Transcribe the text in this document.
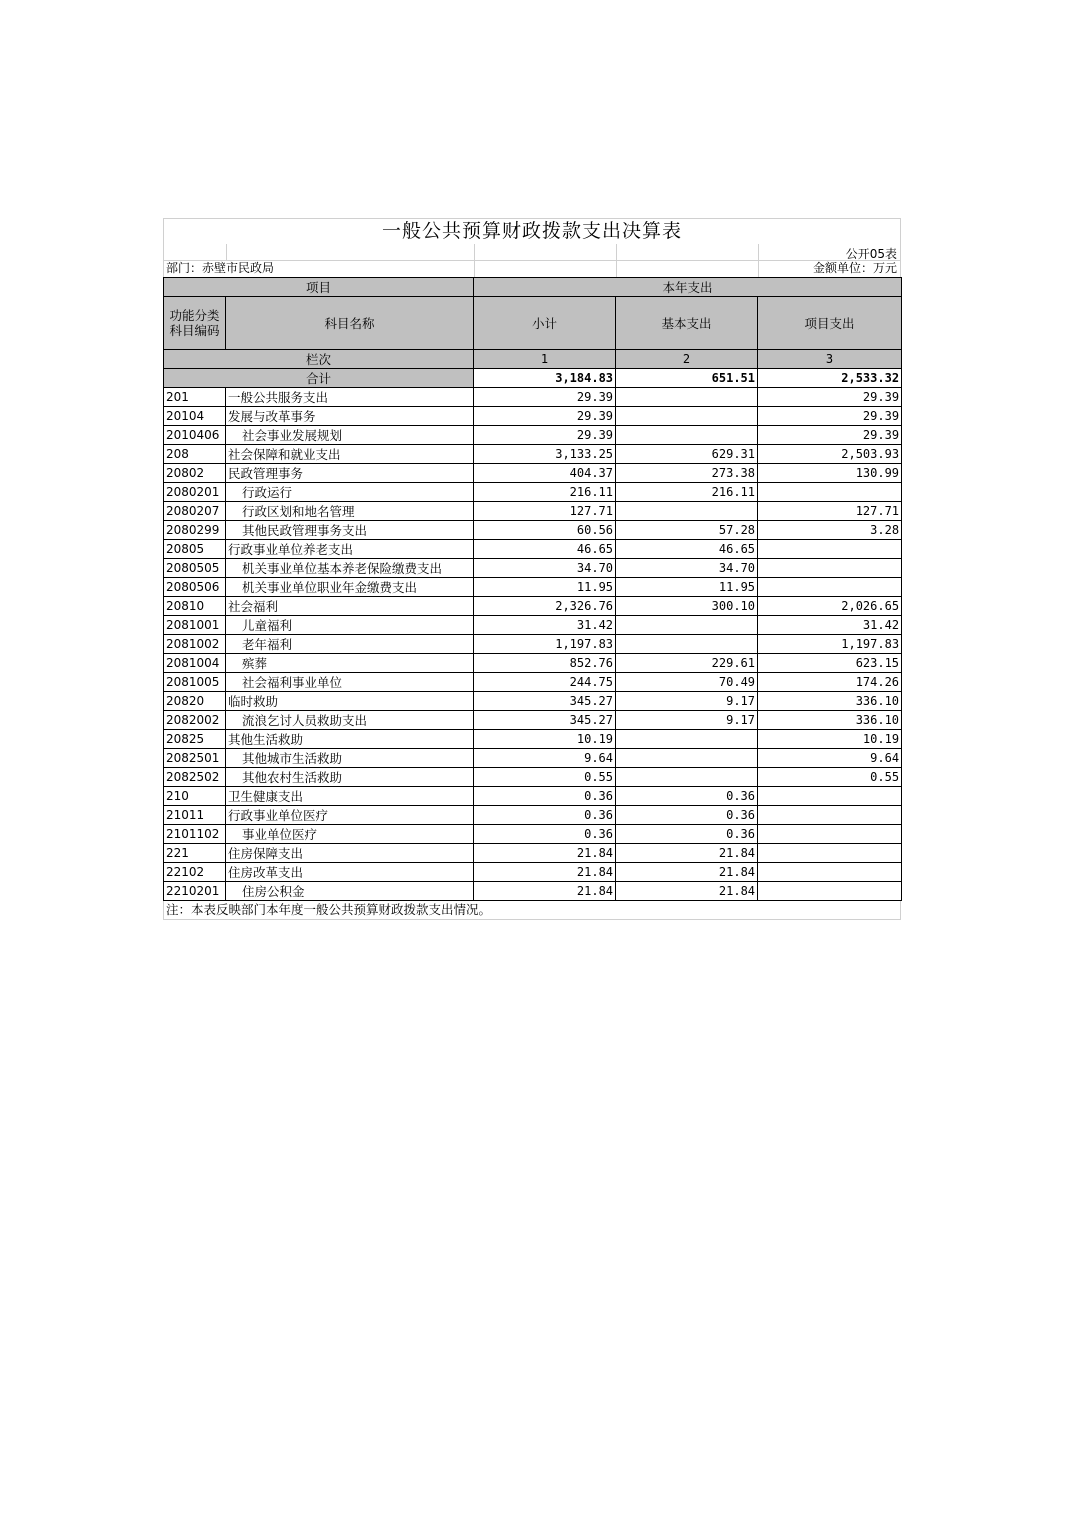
一般公共预算财政拨款支出决算表
公开05表
部门：赤壁市民政局	金额单位：万元
项目		本年支出		
功能分类
科目编码	科目名称	小计	基本支出	项目支出
栏次		1	2	3
合计		3,184.83	651.51	2,533.32
201	一般公共服务支出	29.39		29.39
20104	发展与改革事务	29.39		29.39
2010406	社会事业发展规划	29.39		29.39
208	社会保障和就业支出	3,133.25	629.31	2,503.93
20802	民政管理事务	404.37	273.38	130.99
2080201	行政运行	216.11	216.11	
2080207	行政区划和地名管理	127.71		127.71
2080299	其他民政管理事务支出	60.56	57.28	3.28
20805	行政事业单位养老支出	46.65	46.65	
2080505	机关事业单位基本养老保险缴费支出	34.70	34.70	
2080506	机关事业单位职业年金缴费支出	11.95	11.95	
20810	社会福利	2,326.76	300.10	2,026.65
2081001	儿童福利	31.42		31.42
2081002	老年福利	1,197.83		1,197.83
2081004	殡葬	852.76	229.61	623.15
2081005	社会福利事业单位	244.75	70.49	174.26
20820	临时救助	345.27	9.17	336.10
2082002	流浪乞讨人员救助支出	345.27	9.17	336.10
20825	其他生活救助	10.19		10.19
2082501	其他城市生活救助	9.64		9.64
2082502	其他农村生活救助	0.55		0.55
210	卫生健康支出	0.36	0.36	
21011	行政事业单位医疗	0.36	0.36	
2101102	事业单位医疗	0.36	0.36	
221	住房保障支出	21.84	21.84	
22102	住房改革支出	21.84	21.84	
2210201	住房公积金	21.84	21.84	
注：本表反映部门本年度一般公共预算财政拨款支出情况。
